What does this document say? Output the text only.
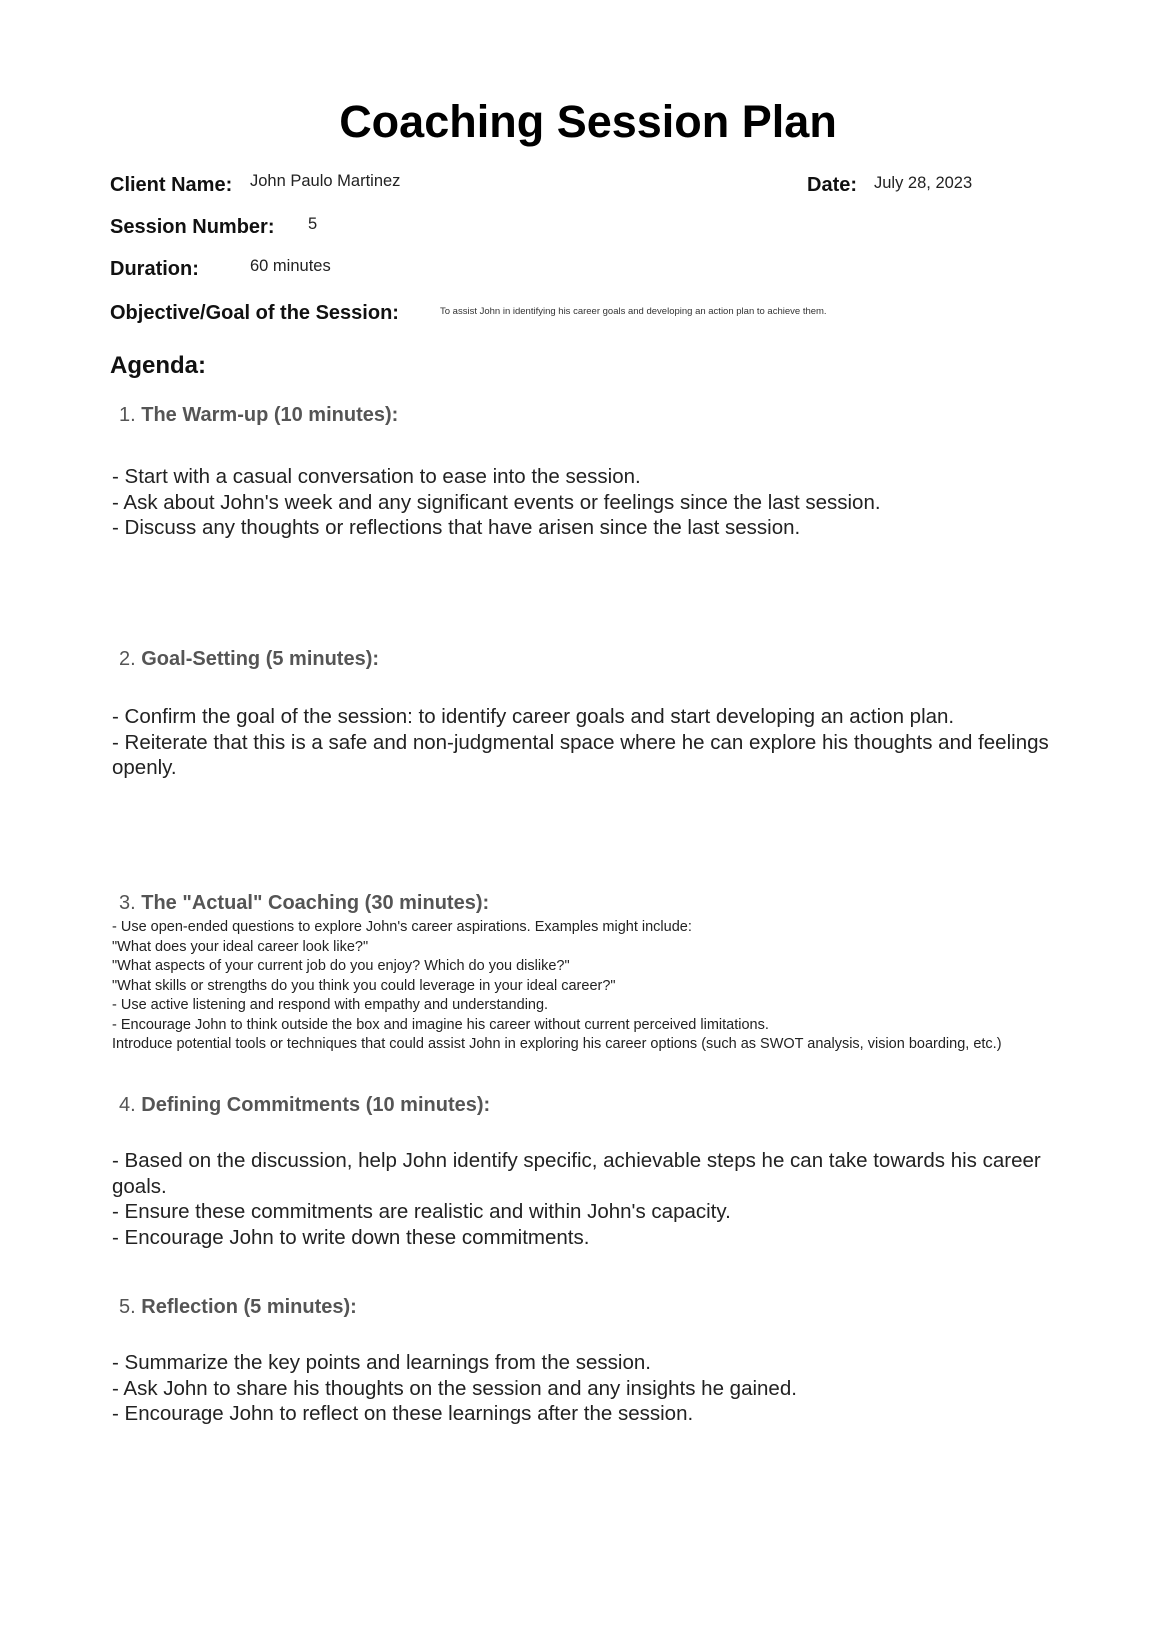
Coaching Session Plan
Client Name: John Paulo Martinez	Date: July 28, 2023
Session Number: 5
Duration:	60 minutes
Objective/Goal of the Session:	To assist John in identifying his career goals and developing an action plan to achieve them.
Agenda:
1. The Warm-up (10 minutes):
- Start with a casual conversation to ease into the session.
- Ask about John's week and any significant events or feelings since the last session.
- Discuss any thoughts or reflections that have arisen since the last session.
2. Goal-Setting (5 minutes):
- Confirm the goal of the session: to identify career goals and start developing an action plan.
- Reiterate that this is a safe and non-judgmental space where he can explore his thoughts and feelings openly.
3. The "Actual" Coaching (30 minutes):
- Use open-ended questions to explore John's career aspirations. Examples might include:
"What does your ideal career look like?"
"What aspects of your current job do you enjoy? Which do you dislike?"
"What skills or strengths do you think you could leverage in your ideal career?"
- Use active listening and respond with empathy and understanding.
- Encourage John to think outside the box and imagine his career without current perceived limitations.
Introduce potential tools or techniques that could assist John in exploring his career options (such as SWOT analysis, vision boarding, etc.)
4. Defining Commitments (10 minutes):
- Based on the discussion, help John identify specific, achievable steps he can take towards his career goals.
- Ensure these commitments are realistic and within John's capacity.
- Encourage John to write down these commitments.
5. Reflection (5 minutes):
- Summarize the key points and learnings from the session.
- Ask John to share his thoughts on the session and any insights he gained.
- Encourage John to reflect on these learnings after the session.
